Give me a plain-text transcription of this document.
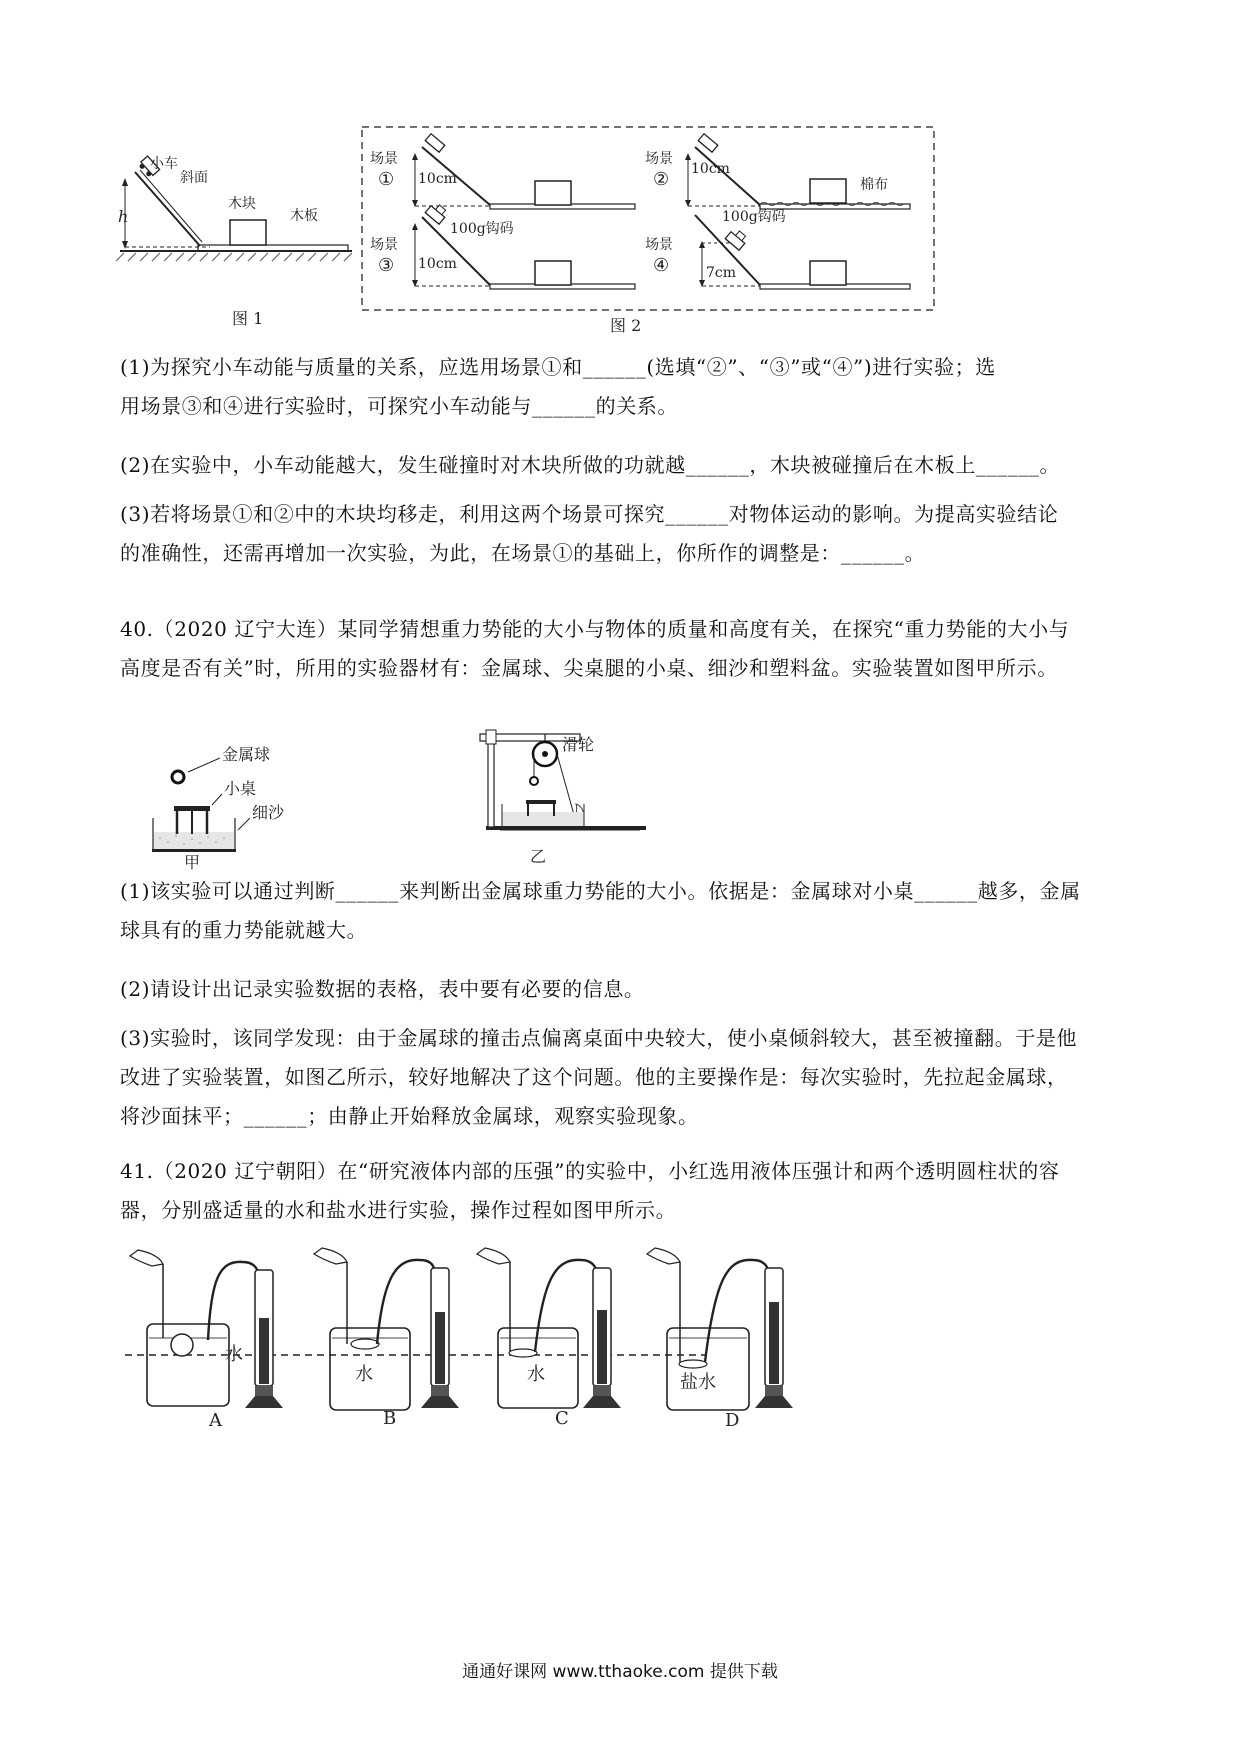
h
小车
斜面
木块
木板
图 1
场景
① 10cm
场景
② 10cm
棉布
场景
③ 10cm
100g钩码
场景
④	7cm
100g钩码
图 2

(1)为探究小车动能与质量的关系，应选用场景①和______(选填“②”、“③”或“④”)进行实验；选
用场景③和④进行实验时，可探究小车动能与______的关系。

(2)在实验中，小车动能越大，发生碰撞时对木块所做的功就越______，木块被碰撞后在木板上______。

(3)若将场景①和②中的木块均移走，利用这两个场景可探究______对物体运动的影响。为提高实验结论
的准确性，还需再增加一次实验，为此，在场景①的基础上，你所作的调整是：______。

40.（2020 辽宁大连）某同学猜想重力势能的大小与物体的质量和高度有关，在探究“重力势能的大小与
高度是否有关”时，所用的实验器材有：金属球、尖桌腿的小桌、细沙和塑料盆。实验装置如图甲所示。

金属球
小桌
细沙
甲
滑轮
乙

(1)该实验可以通过判断______来判断出金属球重力势能的大小。依据是：金属球对小桌______越多，金属
球具有的重力势能就越大。

(2)请设计出记录实验数据的表格，表中要有必要的信息。

(3)实验时，该同学发现：由于金属球的撞击点偏离桌面中央较大，使小桌倾斜较大，甚至被撞翻。于是他
改进了实验装置，如图乙所示，较好地解决了这个问题。他的主要操作是：每次实验时，先拉起金属球，
将沙面抹平；______；由静止开始释放金属球，观察实验现象。

41.（2020 辽宁朝阳）在“研究液体内部的压强”的实验中，小红选用液体压强计和两个透明圆柱状的容
器，分别盛适量的水和盐水进行实验，操作过程如图甲所示。

水
A
水
B
水
C
盐水
D
通通好课网 www.tthaoke.com 提供下载
